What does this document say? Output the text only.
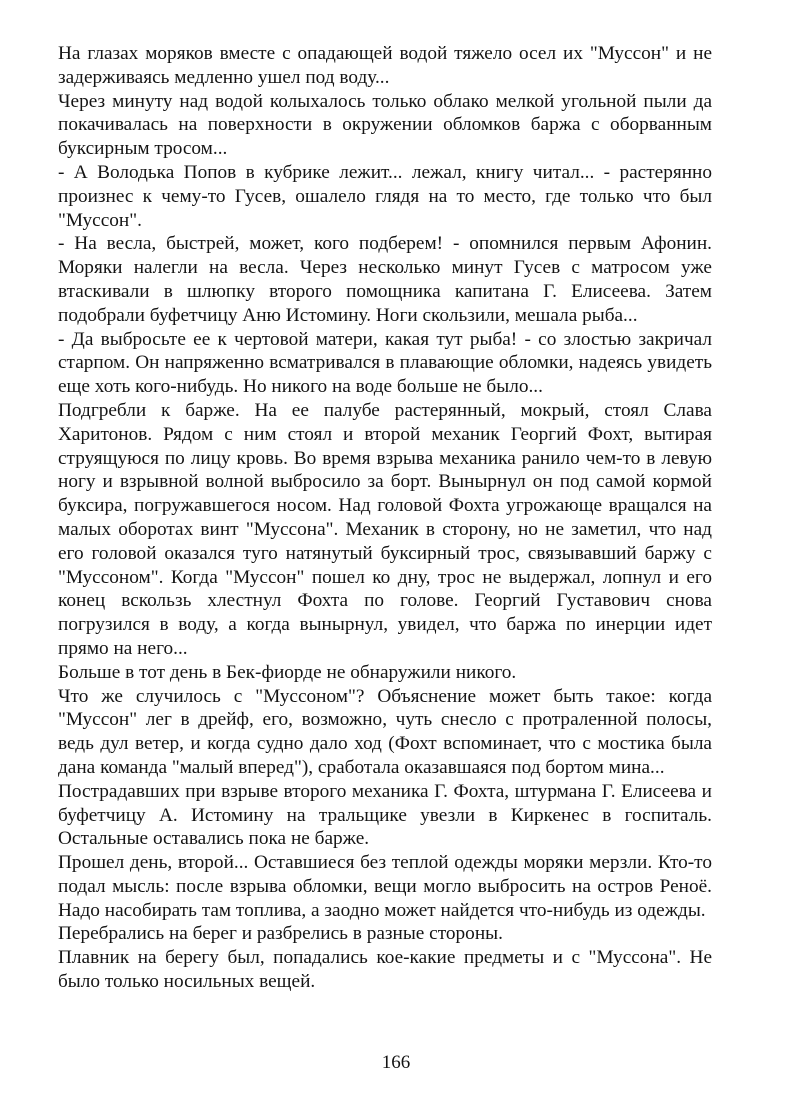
На глазах моряков вместе с опадающей водой тяжело осел их "Муссон" и не задерживаясь медленно ушел под воду...

Через минуту над водой колыхалось только облако мелкой угольной пыли да покачивалась на поверхности в окружении обломков баржа с оборванным буксирным тросом...

- А Володька Попов в кубрике лежит... лежал, книгу читал... - растерянно произнес к чему-то Гусев, ошалело глядя на то место, где только что был "Муссон".

- На весла, быстрей, может, кого подберем! - опомнился первым Афонин. Моряки налегли на весла. Через несколько минут Гусев с матросом уже втаскивали в шлюпку второго помощника капитана Г. Елисеева. Затем подобрали буфетчицу Аню Истомину. Ноги скользили, мешала рыба...

- Да выбросьте ее к чертовой матери, какая тут рыба! - со злостью закричал старпом. Он напряженно всматривался в плавающие обломки, надеясь увидеть еще хоть кого-нибудь. Но никого на воде больше не было...

Подгребли к барже. На ее палубе растерянный, мокрый, стоял Слава Харитонов. Рядом с ним стоял и второй механик Георгий Фохт, вытирая струящуюся по лицу кровь. Во время взрыва механика ранило чем-то в левую ногу и взрывной волной выбросило за борт. Вынырнул он под самой кормой буксира, погружавшегося носом. Над головой Фохта угрожающе вращался на малых оборотах винт "Муссона". Механик в сторону, но не заметил, что над его головой оказался туго натянутый буксирный трос, связывавший баржу с "Муссоном". Когда "Муссон" пошел ко дну, трос не выдержал, лопнул и его конец вскользь хлестнул Фохта по голове. Георгий Густавович снова погрузился в воду, а когда вынырнул, увидел, что баржа по инерции идет прямо на него...

Больше в тот день в Бек-фиорде не обнаружили никого.

Что же случилось с "Муссоном"? Объяснение может быть такое: когда "Муссон" лег в дрейф, его, возможно, чуть снесло с протраленной полосы, ведь дул ветер, и когда судно дало ход (Фохт вспоминает, что с мостика была дана команда "малый вперед"), сработала оказавшаяся под бортом мина...

Пострадавших при взрыве второго механика Г. Фохта, штурмана Г. Елисеева и буфетчицу А. Истомину на тральщике увезли в Киркенес в госпиталь. Остальные оставались пока не барже.

Прошел день, второй... Оставшиеся без теплой одежды моряки мерзли. Кто-то подал мысль: после взрыва обломки, вещи могло выбросить на остров Реноё. Надо насобирать там топлива, а заодно может найдется что-нибудь из одежды.

Перебрались на берег и разбрелись в разные стороны.

Плавник на берегу был, попадались кое-какие предметы и с "Муссона". Не было только носильных вещей.

166
